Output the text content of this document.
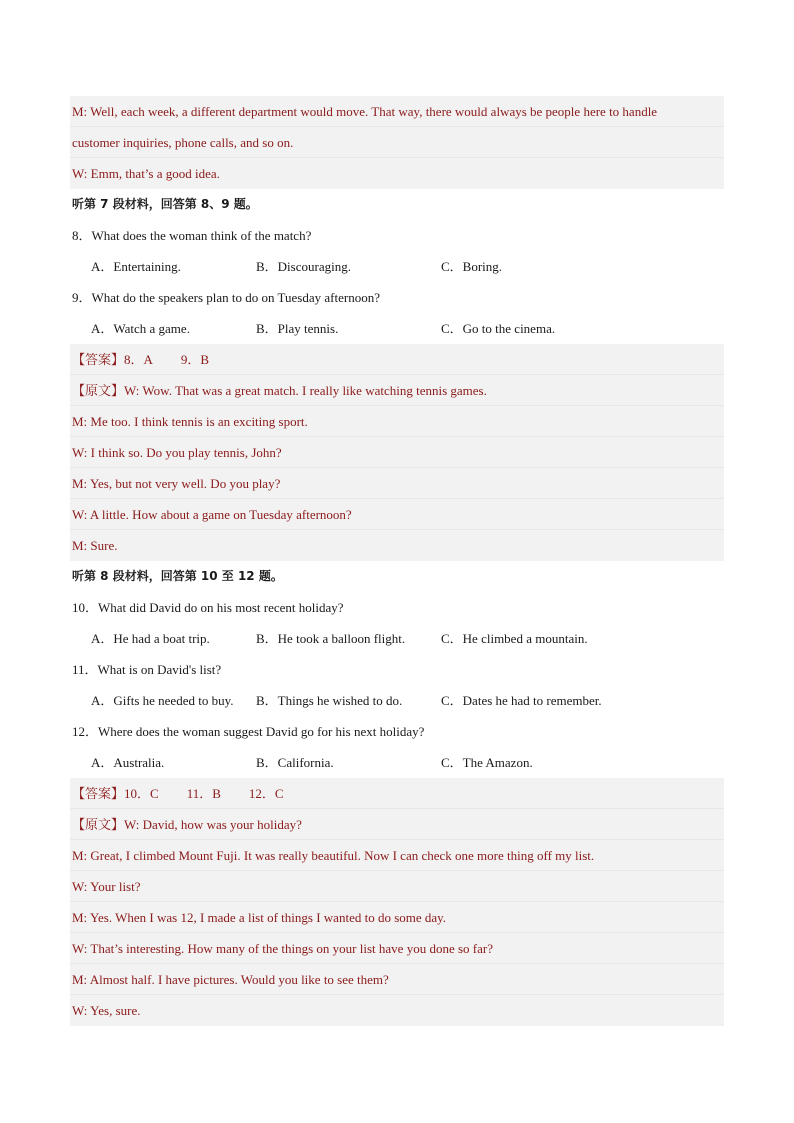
M: Well, each week, a different department would move. That way, there would always be people here to handle
customer inquiries, phone calls, and so on.
W: Emm, that’s a good idea.
听第 7 段材料，回答第 8、9 题。
8．What does the woman think of the match?
A．Entertaining.	B．Discouraging.	C．Boring.
9．What do the speakers plan to do on Tuesday afternoon?
A．Watch a game.	B．Play tennis.	C．Go to the cinema.
【答案】8．A 9．B
【原文】W: Wow. That was a great match. I really like watching tennis games.
M: Me too. I think tennis is an exciting sport.
W: I think so. Do you play tennis, John?
M: Yes, but not very well. Do you play?
W: A little. How about a game on Tuesday afternoon?
M: Sure.
听第 8 段材料，回答第 10 至 12 题。
10．What did David do on his most recent holiday?
A．He had a boat trip.	B．He took a balloon flight.	C．He climbed a mountain.
11．What is on David's list?
A．Gifts he needed to buy. B．Things he wished to do.	C．Dates he had to remember.
12．Where does the woman suggest David go for his next holiday?
A．Australia.	B．California.	C．The Amazon.
【答案】10．C 11．B 12．C
【原文】W: David, how was your holiday?
M: Great, I climbed Mount Fuji. It was really beautiful. Now I can check one more thing off my list.
W: Your list?
M: Yes. When I was 12, I made a list of things I wanted to do some day.
W: That’s interesting. How many of the things on your list have you done so far?
M: Almost half. I have pictures. Would you like to see them?
W: Yes, sure.
